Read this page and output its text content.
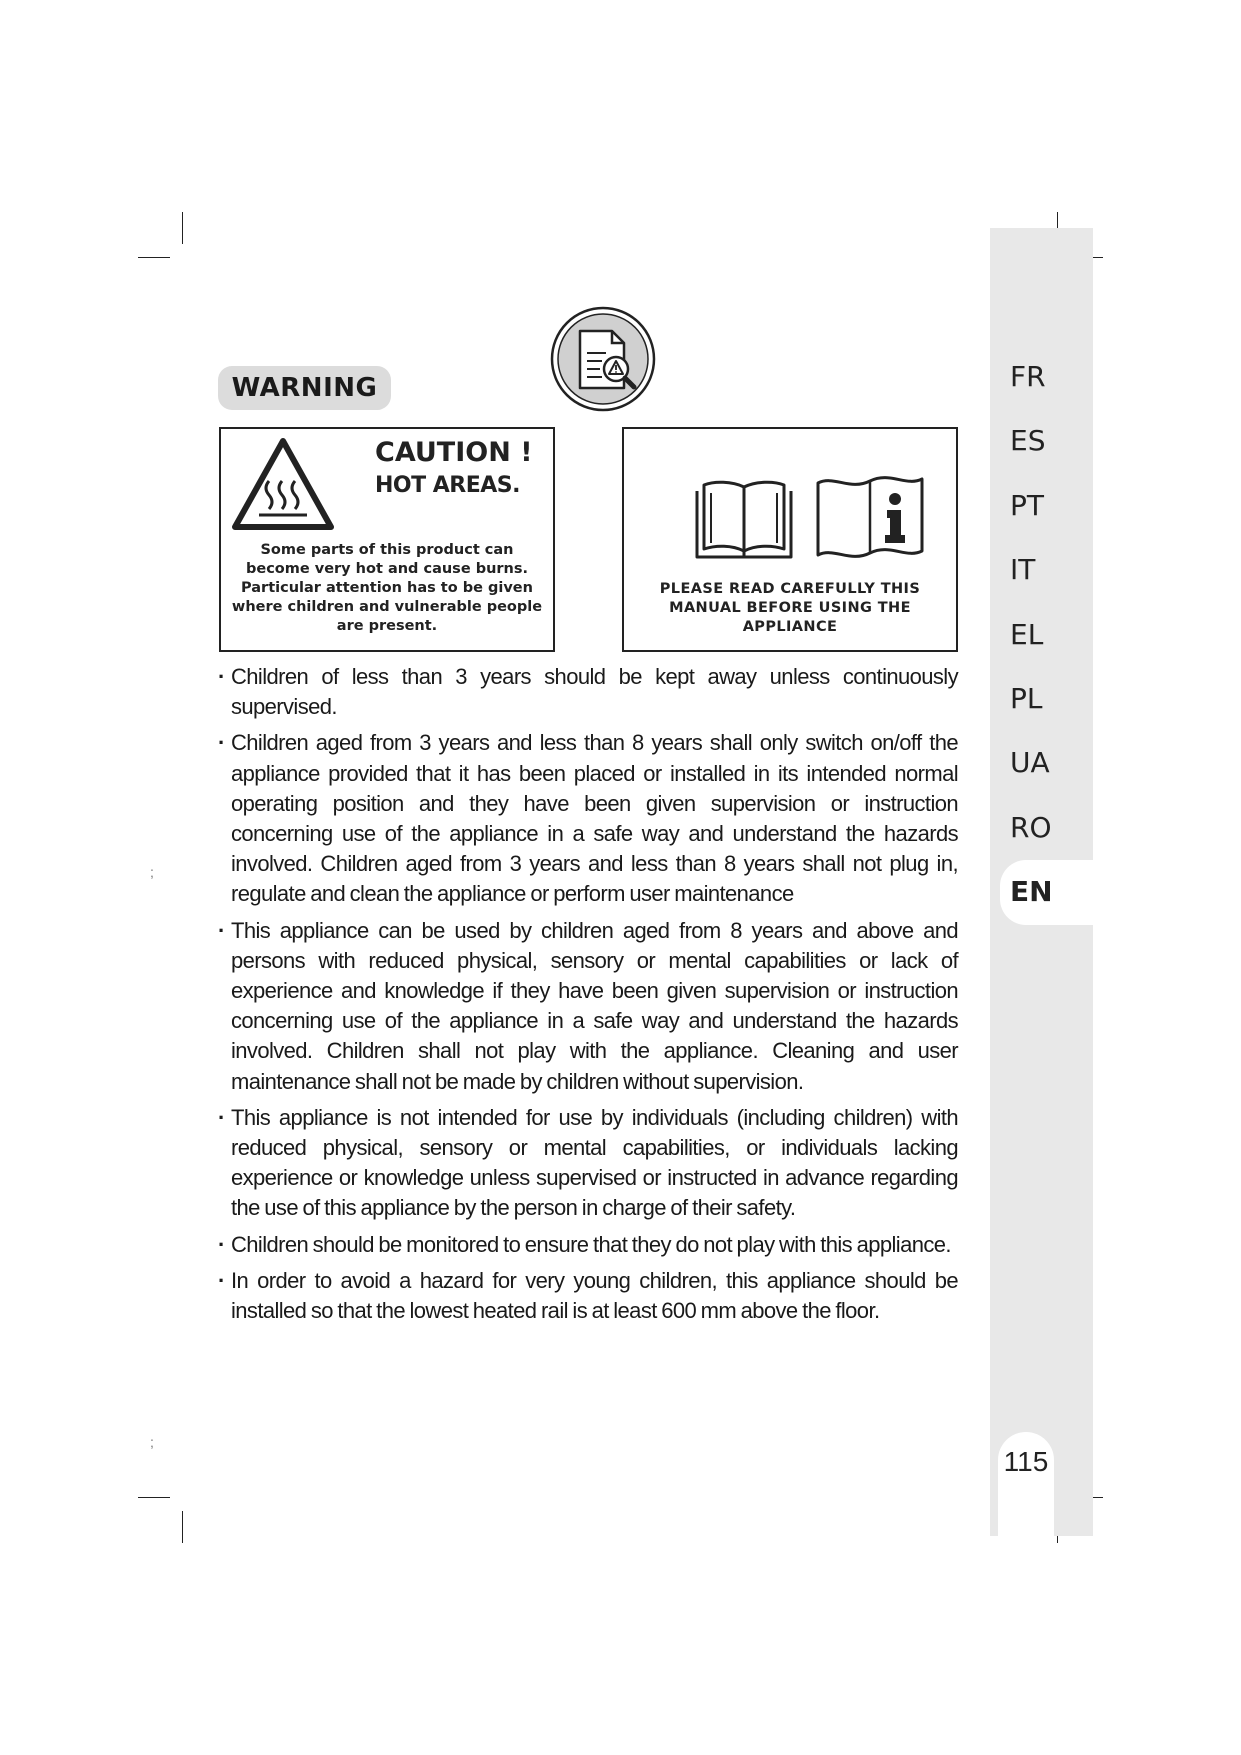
;
;
FR
ES
PT
IT
EL
PL
UA
RO
EN
115
WARNING
CAUTION !
HOT AREAS.
Some parts of this product can become very hot and cause burns. Particular attention has to be given where children and vulnerable people are present.
PLEASE READ CAREFULLY THIS MANUAL BEFORE USING THE APPLIANCE
· Children of less than 3 years should be kept away unless continuously supervised.
· Children aged from 3 years and less than 8 years shall only switch on/off the appliance provided that it has been placed or installed in its intended normal operating position and they have been given supervision or instruction concerning use of the appliance in a safe way and understand the hazards involved. Children aged from 3 years and less than 8 years shall not plug in, regulate and clean the appliance or perform user maintenance
· This appliance can be used by children aged from 8 years and above and persons with reduced physical, sensory or mental capabilities or lack of experience and knowledge if they have been given supervision or instruction concerning use of the appliance in a safe way and understand the hazards involved. Children shall not play with the appliance. Cleaning and user maintenance shall not be made by children without supervision.
· This appliance is not intended for use by individuals (including children) with reduced physical, sensory or mental capabilities, or individuals lacking experience or knowledge unless supervised or instructed in advance regarding the use of this appliance by the person in charge of their safety.
· Children should be monitored to ensure that they do not play with this appliance.
· In order to avoid a hazard for very young children, this appliance should be installed so that the lowest heated rail is at least 600 mm above the floor.
